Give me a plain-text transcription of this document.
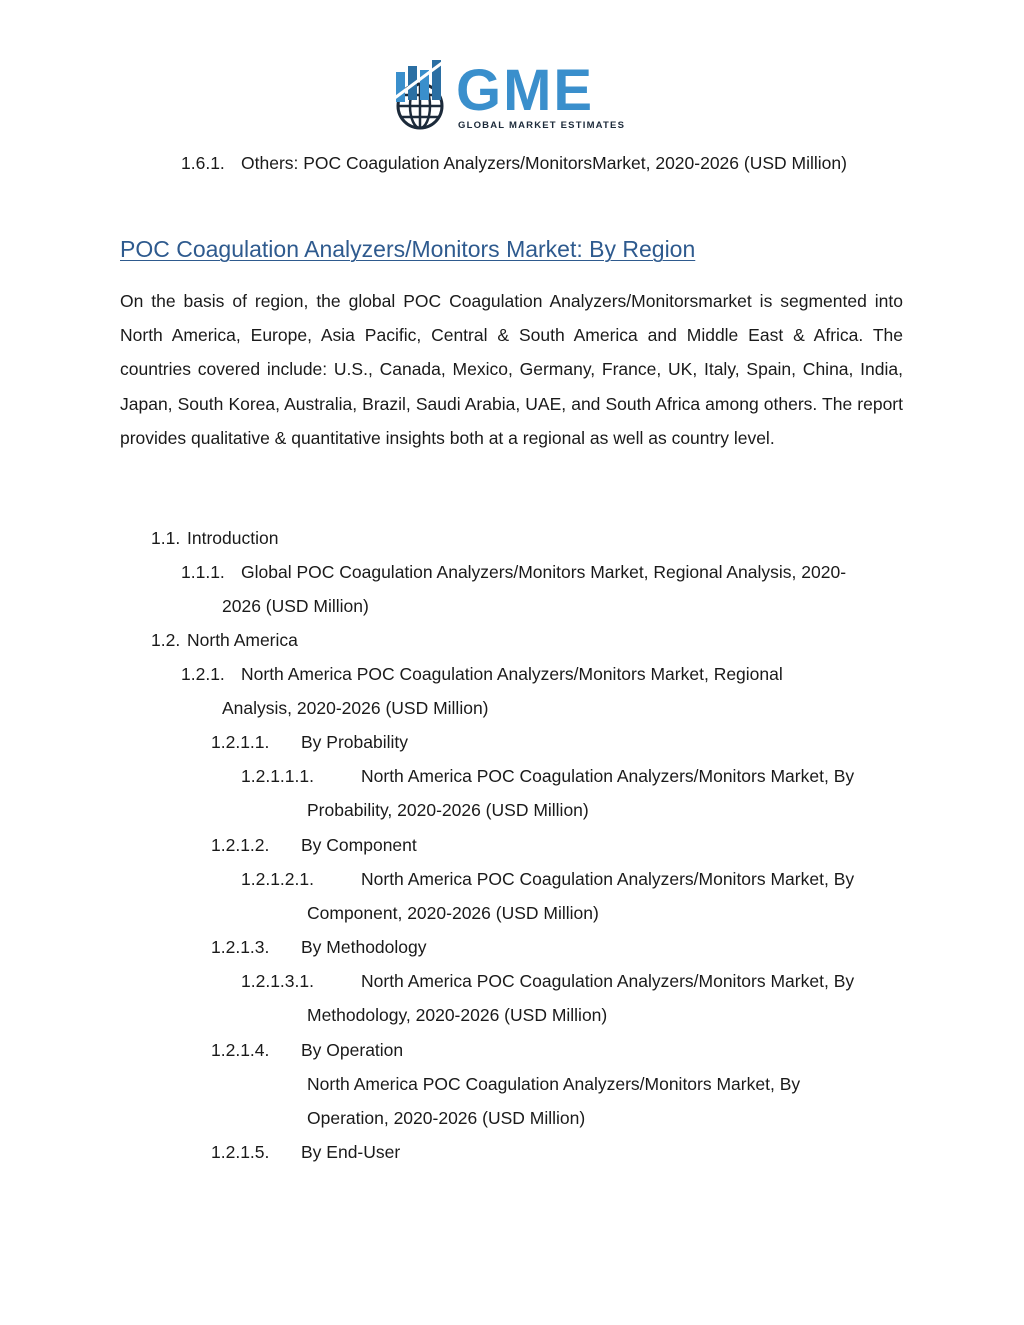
GME
GLOBAL MARKET ESTIMATES
1.6.1. Others: POC Coagulation Analyzers/MonitorsMarket, 2020-2026 (USD Million)
POC Coagulation Analyzers/Monitors Market: By Region
On the basis of region, the global POC Coagulation Analyzers/Monitorsmarket is segmented into North America, Europe, Asia Pacific, Central & South America and Middle East & Africa. The countries covered include: U.S., Canada, Mexico, Germany, France, UK, Italy, Spain, China, India, Japan, South Korea, Australia, Brazil, Saudi Arabia, UAE, and South Africa among others. The report provides qualitative & quantitative insights both at a regional as well as country level.
1.1. Introduction
1.1.1. Global POC Coagulation Analyzers/Monitors Market, Regional Analysis, 2020-
2026 (USD Million)
1.2. North America
1.2.1. North America POC Coagulation Analyzers/Monitors Market, Regional
Analysis, 2020-2026 (USD Million)
1.2.1.1. By Probability
1.2.1.1.1.	North America POC Coagulation Analyzers/Monitors Market, By
Probability, 2020-2026 (USD Million)
1.2.1.2. By Component
1.2.1.2.1.	North America POC Coagulation Analyzers/Monitors Market, By
Component, 2020-2026 (USD Million)
1.2.1.3. By Methodology
1.2.1.3.1.	North America POC Coagulation Analyzers/Monitors Market, By
Methodology, 2020-2026 (USD Million)
1.2.1.4. By Operation
North America POC Coagulation Analyzers/Monitors Market, By
Operation, 2020-2026 (USD Million)
1.2.1.5. By End-User
